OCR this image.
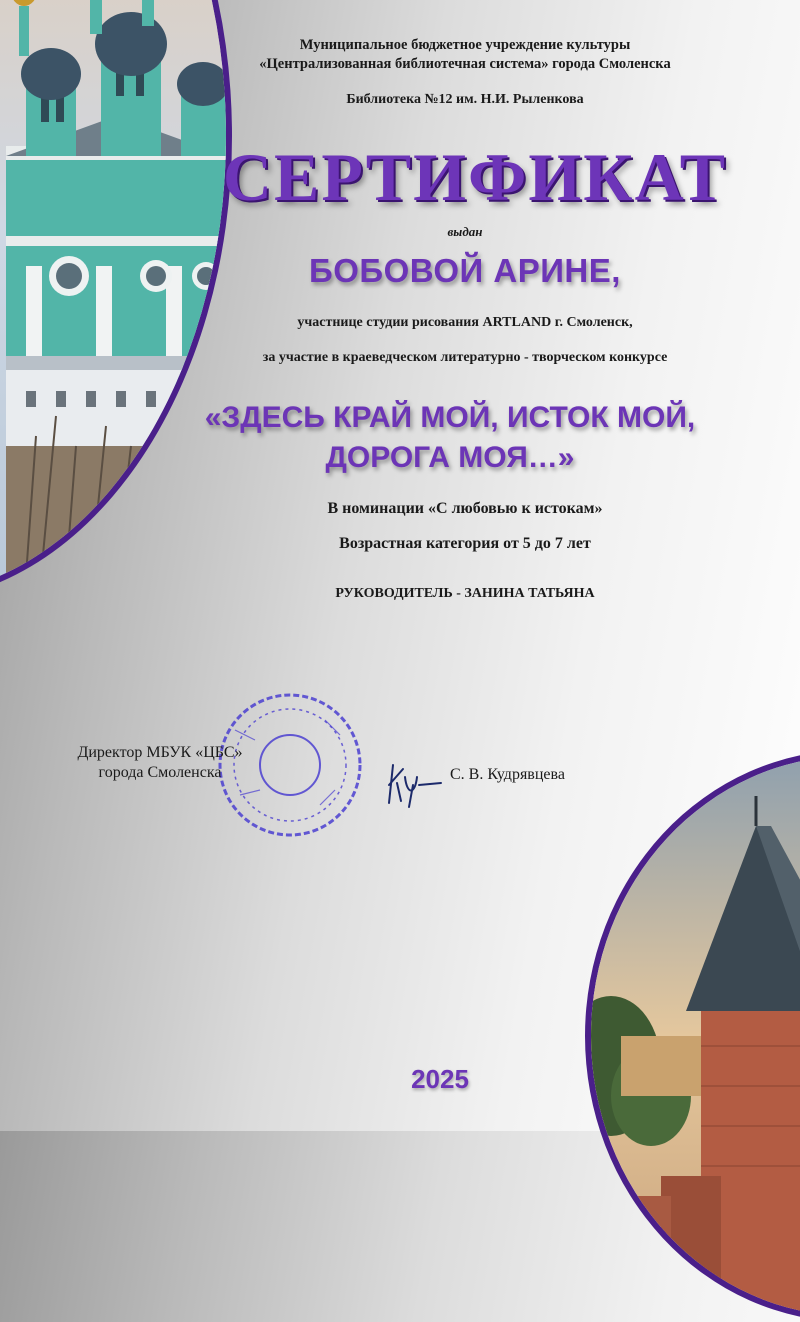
Муниципальное бюджетное учреждение культуры
«Централизованная библиотечная система» города Смоленска
Библиотека №12 им. Н.И. Рыленкова
СЕРТИФИКАТ
выдан
БОБОВОЙ АРИНЕ,
участнице студии рисования ARTLAND г. Смоленск,
за участие в краеведческом литературно - творческом конкурсе
«ЗДЕСЬ КРАЙ МОЙ, ИСТОК МОЙ,
ДОРОГА МОЯ…»
В номинации «С любовью к истокам»
Возрастная категория от 5 до 7 лет
РУКОВОДИТЕЛЬ - ЗАНИНА ТАТЬЯНА
Директор МБУК «ЦБС»
города Смоленска	С. В. Кудрявцева
2025
